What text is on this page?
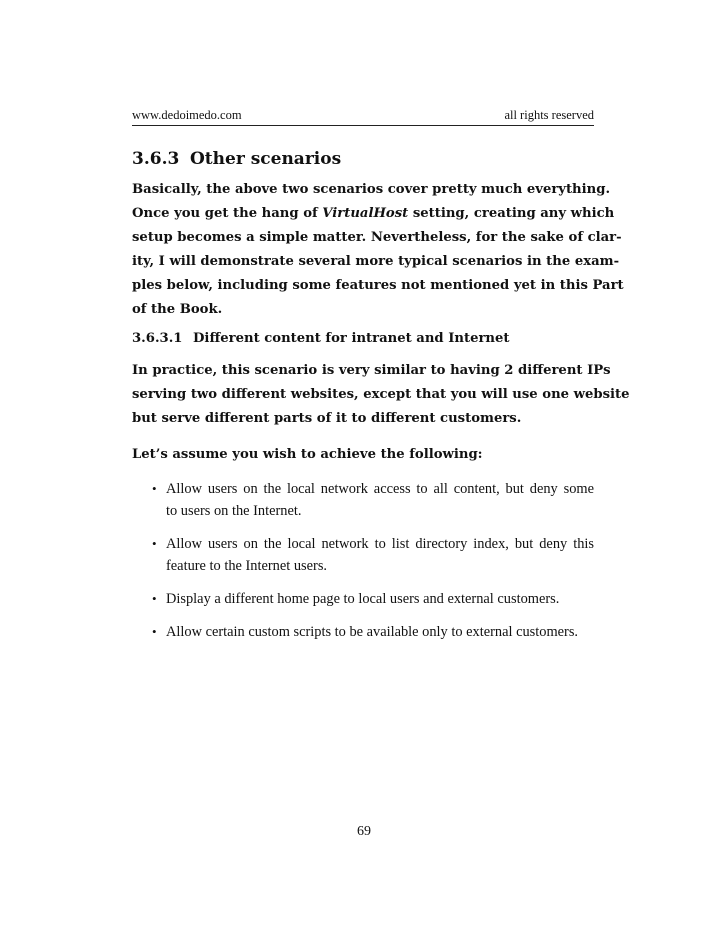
www.dedoimedo.com	all rights reserved
3.6.3 Other scenarios
Basically, the above two scenarios cover pretty much everything.
Once you get the hang of VirtualHost setting, creating any which
setup becomes a simple matter. Nevertheless, for the sake of clar-
ity, I will demonstrate several more typical scenarios in the exam-
ples below, including some features not mentioned yet in this Part
of the Book.
3.6.3.1 Different content for intranet and Internet
In practice, this scenario is very similar to having 2 different IPs
serving two different websites, except that you will use one website
but serve different parts of it to different customers.
Let’s assume you wish to achieve the following:
• Allow users on the local network access to all content, but deny some
to users on the Internet.
• Allow users on the local network to list directory index, but deny this
feature to the Internet users.
• Display a different home page to local users and external customers.
• Allow certain custom scripts to be available only to external customers.
69
